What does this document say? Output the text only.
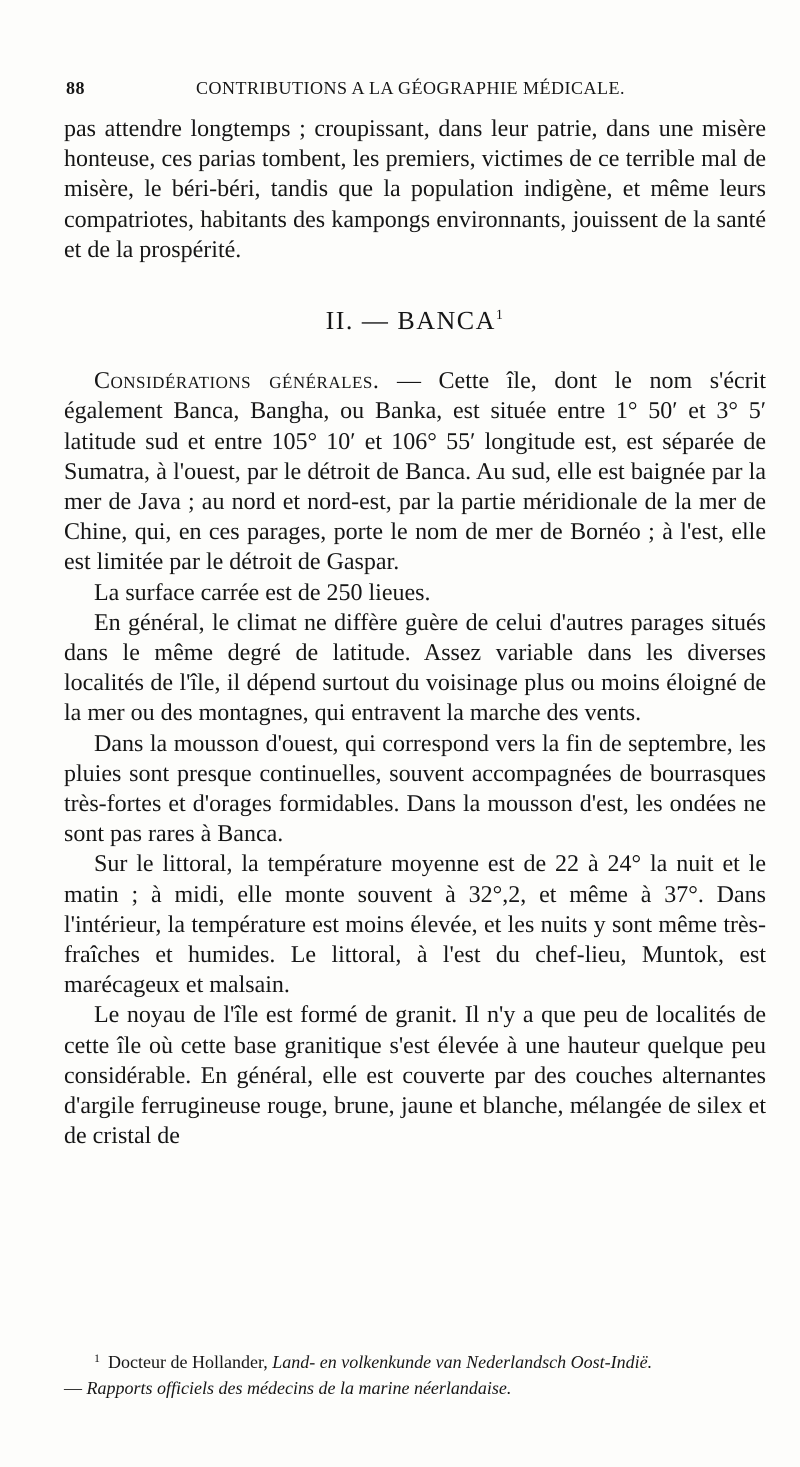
88	CONTRIBUTIONS A LA GÉOGRAPHIE MÉDICALE.

pas attendre longtemps ; croupissant, dans leur patrie, dans une misère honteuse, ces parias tombent, les premiers, victimes de ce terrible mal de misère, le béri-béri, tandis que la population indigène, et même leurs compatriotes, habitants des kampongs environnants, jouissent de la santé et de la prospérité.

II. — BANCA$^1$

Considérations générales. — Cette île, dont le nom s'écrit également Banca, Bangha, ou Banka, est située entre 1° 50′ et 3° 5′ latitude sud et entre 105° 10′ et 106° 55′ longitude est, est séparée de Sumatra, à l'ouest, par le détroit de Banca. Au sud, elle est baignée par la mer de Java ; au nord et nord-est, par la partie méridionale de la mer de Chine, qui, en ces parages, porte le nom de mer de Bornéo ; à l'est, elle est limitée par le détroit de Gaspar.

La surface carrée est de 250 lieues.

En général, le climat ne diffère guère de celui d'autres parages situés dans le même degré de latitude. Assez variable dans les diverses localités de l'île, il dépend surtout du voisinage plus ou moins éloigné de la mer ou des montagnes, qui entravent la marche des vents.

Dans la mousson d'ouest, qui correspond vers la fin de septembre, les pluies sont presque continuelles, souvent accompagnées de bourrasques très-fortes et d'orages formidables. Dans la mousson d'est, les ondées ne sont pas rares à Banca.

Sur le littoral, la température moyenne est de 22 à 24° la nuit et le matin ; à midi, elle monte souvent à 32°,2, et même à 37°. Dans l'intérieur, la température est moins élevée, et les nuits y sont même très-fraîches et humides. Le littoral, à l'est du chef-lieu, Muntok, est marécageux et malsain.

Le noyau de l'île est formé de granit. Il n'y a que peu de localités de cette île où cette base granitique s'est élevée à une hauteur quelque peu considérable. En général, elle est couverte par des couches alternantes d'argile ferrugineuse rouge, brune, jaune et blanche, mélangée de silex et de cristal de

$^1$ Docteur de Hollander, Land- en volkenkunde van Nederlandsch Oost-Indië.

— Rapports officiels des médecins de la marine néerlandaise.
